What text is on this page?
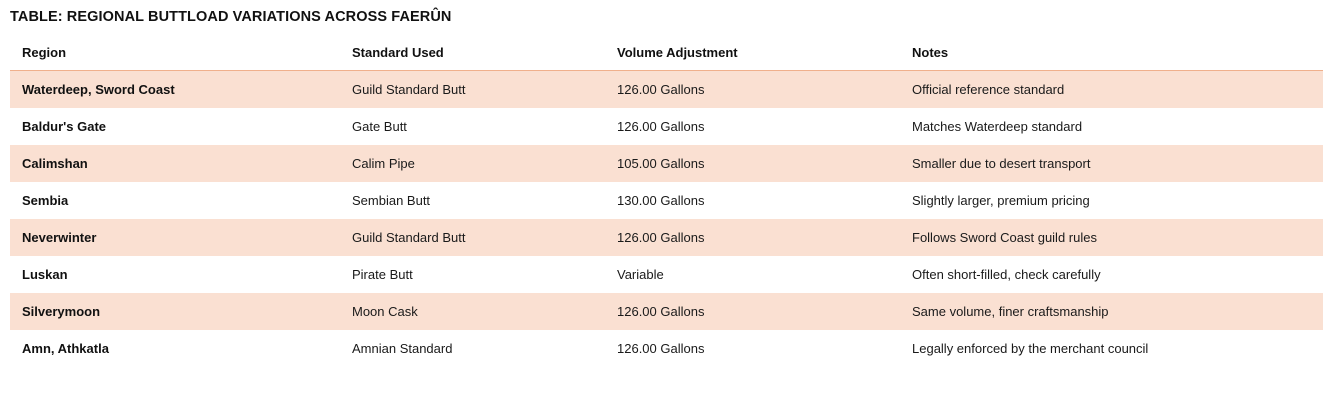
TABLE: REGIONAL BUTTLOAD VARIATIONS ACROSS FAERÛN
Region	Standard Used	Volume Adjustment	Notes
Waterdeep, Sword Coast	Guild Standard Butt	126.00 Gallons	Official reference standard
Baldur's Gate	Gate Butt	126.00 Gallons	Matches Waterdeep standard
Calimshan	Calim Pipe	105.00 Gallons	Smaller due to desert transport
Sembia	Sembian Butt	130.00 Gallons	Slightly larger, premium pricing
Neverwinter	Guild Standard Butt	126.00 Gallons	Follows Sword Coast guild rules
Luskan	Pirate Butt	Variable	Often short-filled, check carefully
Silverymoon	Moon Cask	126.00 Gallons	Same volume, finer craftsmanship
Amn, Athkatla	Amnian Standard	126.00 Gallons	Legally enforced by the merchant council
